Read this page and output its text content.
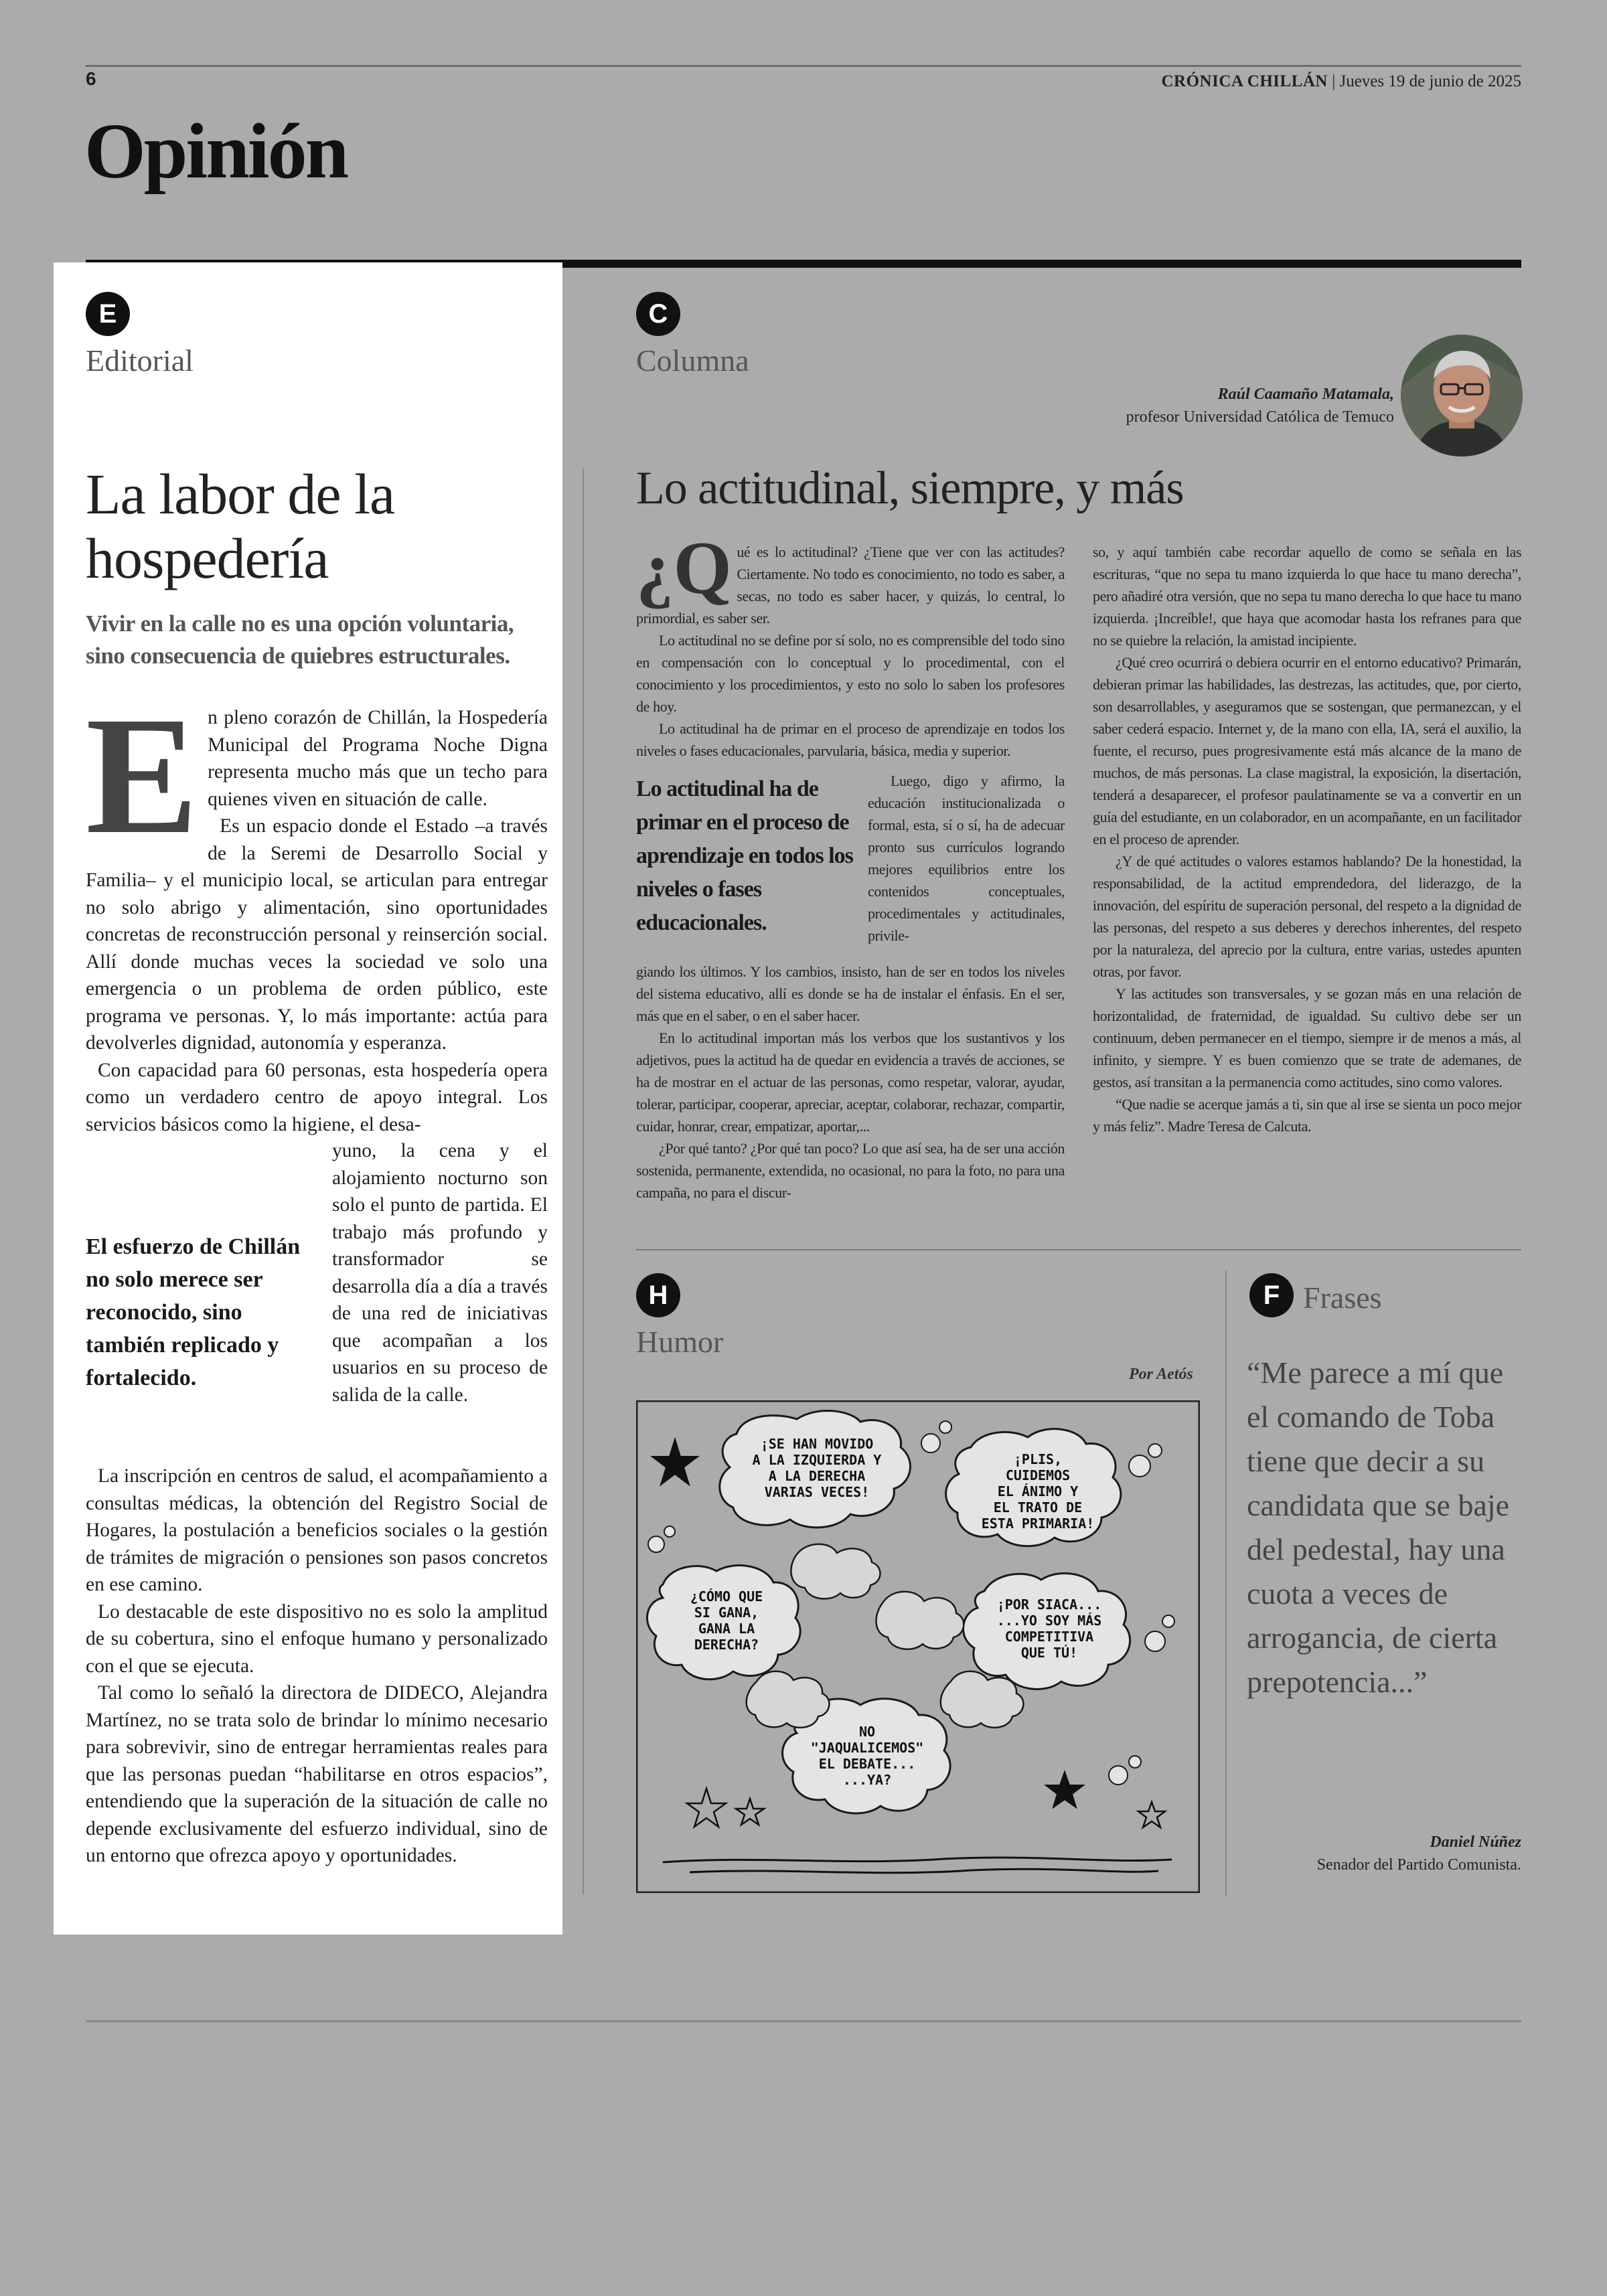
6	CRÓNICA CHILLÁN | Jueves 19 de junio de 2025
Opinión
E
Editorial
La labor de la hospedería
Vivir en la calle no es una opción voluntaria, sino consecuencia de quiebres estructurales.
E n pleno corazón de Chillán, la Hospedería Municipal del Programa Noche Digna representa mucho más que un techo para quienes viven en situación de calle.

Es un espacio donde el Estado –a través de la Seremi de Desarrollo Social y Familia– y el municipio local, se articulan para entregar no solo abrigo y alimentación, sino oportunidades concretas de reconstrucción personal y reinserción social. Allí donde muchas veces la sociedad ve solo una emergencia o un problema de orden público, este programa ve personas. Y, lo más importante: actúa para devolverles dignidad, autonomía y esperanza.

Con capacidad para 60 personas, esta hospedería opera como un verdadero centro de apoyo integral. Los servicios básicos como la higiene, el desa-

El esfuerzo de Chillán no solo merece ser reconocido, sino también replicado y fortalecido.

yuno, la cena y el alojamiento nocturno son solo el punto de partida. El trabajo más profundo y transformador se desarrolla día a día a través de una red de iniciativas que acompañan a los usuarios en su proceso de salida de la calle.

La inscripción en centros de salud, el acompañamiento a consultas médicas, la obtención del Registro Social de Hogares, la postulación a beneficios sociales o la gestión de trámites de migración o pensiones son pasos concretos en ese camino.

Lo destacable de este dispositivo no es solo la amplitud de su cobertura, sino el enfoque humano y personalizado con el que se ejecuta.

Tal como lo señaló la directora de DIDECO, Alejandra Martínez, no se trata solo de brindar lo mínimo necesario para sobrevivir, sino de entregar herramientas reales para que las personas puedan “habilitarse en otros espacios”, entendiendo que la superación de la situación de calle no depende exclusivamente del esfuerzo individual, sino de un entorno que ofrezca apoyo y oportunidades.

C
Columna
Raúl Caamaño Matamala,
profesor Universidad Católica de Temuco
Lo actitudinal, siempre, y más
¿Q ué es lo actitudinal? ¿Tiene que ver con las actitudes? Ciertamente. No todo es conocimiento, no todo es saber, a secas, no todo es saber hacer, y quizás, lo central, lo primordial, es saber ser.

Lo actitudinal no se define por sí solo, no es comprensible del todo sino en compensación con lo conceptual y lo procedimental, con el conocimiento y los procedimientos, y esto no solo lo saben los profesores de hoy.

Lo actitudinal ha de primar en el proceso de aprendizaje en todos los niveles o fases educacionales, parvularia, básica, media y superior.

Lo actitudinal ha de primar en el proceso de aprendizaje en todos los niveles o fases educacionales.

Luego, digo y afirmo, la educación institucionalizada o formal, esta, sí o sí, ha de adecuar pronto sus currículos logrando mejores equilibrios entre los contenidos conceptuales, procedimentales y actitudinales, privile-

giando los últimos. Y los cambios, insisto, han de ser en todos los niveles del sistema educativo, allí es donde se ha de instalar el énfasis. En el ser, más que en el saber, o en el saber hacer.

En lo actitudinal importan más los verbos que los sustantivos y los adjetivos, pues la actitud ha de quedar en evidencia a través de acciones, se ha de mostrar en el actuar de las personas, como respetar, valorar, ayudar, tolerar, participar, cooperar, apreciar, aceptar, colaborar, rechazar, compartir, cuidar, honrar, crear, empatizar, aportar,...

¿Por qué tanto? ¿Por qué tan poco? Lo que así sea, ha de ser una acción sostenida, permanente, extendida, no ocasional, no para la foto, no para una campaña, no para el discur-

so, y aquí también cabe recordar aquello de como se señala en las escrituras, “que no sepa tu mano izquierda lo que hace tu mano derecha”, pero añadiré otra versión, que no sepa tu mano derecha lo que hace tu mano izquierda. ¡Increíble!, que haya que acomodar hasta los refranes para que no se quiebre la relación, la amistad incipiente.

¿Qué creo ocurrirá o debiera ocurrir en el entorno educativo? Primarán, debieran primar las habilidades, las destrezas, las actitudes, que, por cierto, son desarrollables, y aseguramos que se sostengan, que permanezcan, y el saber cederá espacio. Internet y, de la mano con ella, IA, será el auxilio, la fuente, el recurso, pues progresivamente está más alcance de la mano de muchos, de más personas. La clase magistral, la exposición, la disertación, tenderá a desaparecer, el profesor paulatinamente se va a convertir en un guía del estudiante, en un colaborador, en un acompañante, en un facilitador en el proceso de aprender.

¿Y de qué actitudes o valores estamos hablando? De la honestidad, la responsabilidad, de la actitud emprendedora, del liderazgo, de la innovación, del espíritu de superación personal, del respeto a la dignidad de las personas, del respeto a sus deberes y derechos inherentes, del respeto por la naturaleza, del aprecio por la cultura, entre varias, ustedes apunten otras, por favor.

Y las actitudes son transversales, y se gozan más en una relación de horizontalidad, de fraternidad, de igualdad. Su cultivo debe ser un continuum, deben permanecer en el tiempo, siempre ir de menos a más, al infinito, y siempre. Y es buen comienzo que se trate de ademanes, de gestos, así transitan a la permanencia como actitudes, sino como valores.

“Que nadie se acerque jamás a ti, sin que al irse se sienta un poco mejor y más feliz”. Madre Teresa de Calcuta.

H
Humor
Por Aetós
¡SE HAN MOVIDO
A LA IZQUIERDA Y
A LA DERECHA
VARIAS VECES!
¡PLIS,
CUIDEMOS
EL ÁNIMO Y
EL TRATO DE
ESTA PRIMARIA!
¿CÓMO QUE
SI GANA,
GANA LA
DERECHA?
¡POR SIACA...
...YO SOY MÁS
COMPETITIVA
QUE TÚ!
NO
"JAQUALICEMOS"
EL DEBATE...
...YA?
F Frases
“Me parece a mí que el comando de Toba tiene que decir a su candidata que se baje del pedestal, hay una cuota a veces de arrogancia, de cierta prepotencia...”
Daniel Núñez
Senador del Partido Comunista.
